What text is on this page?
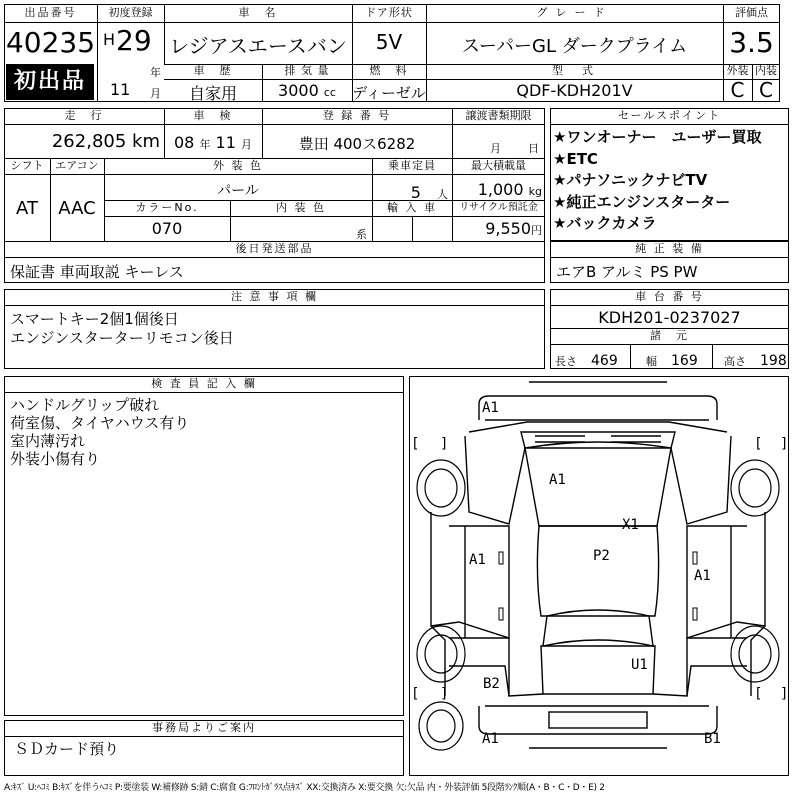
出品番号
40235
初出品
初度登録
H 29
年
11 月
車　名
レジアスエースバン
ドア形状
5V
グレード
スーパーGL ダークプライム
評価点
3.5
車　歴
自家用
排 気 量
3000 cc
燃　料
ディーゼル
型　式
QDF-KDH201V
外装 内装
C C
走　行
262,805 km
車　検
08 年 11 月
登 録 番 号
豊田 400ス6282
譲渡書類期限
月 日
シフト
AT
エアコン
AAC
外 装 色
パール
乗車定員
5　 人
最大積載量
1,000 kg
カラーNo.
070
内 装 色
系
輸 入 車	リサイクル預託金
9,550円
後日発送部品
保証書 車両取説 キーレス
注 意 事 項 欄
スマートキー2個1個後日
エンジンスターターリモコン後日
セールスポイント
★ワンオーナー　ユーザー買取
★ETC
★パナソニックナビTV
★純正エンジンスターター
★バックカメラ
純 正 装 備
エアB アルミ PS PW
車 台 番 号
KDH201-0237027
諸　元
長さ　 469	幅　 169 高さ　 198
検 査 員 記 入 欄
ハンドルグリップ破れ
荷室傷、タイヤハウス有り
室内薄汚れ
外装小傷有り
事務局よりご案内
ＳＤカード預り
[ ]	[ ]
[ ]	[ ]
A1
A1
X1
A1	P2
A1
U1
B2
A1	B1
A:ｷｽﾞ U:ﾍｺﾐ B:ｷｽﾞを伴うﾍｺﾐ P:要塗装 W:補修跡 S:錆 C:腐食 G:ﾌﾛﾝﾄｶﾞﾗｽ点ｷｽﾞ XX:交換済み X:要交換 欠:欠品 内・外装評価 5段階ﾗﾝｸ順(A・B・C・D・E) 2
